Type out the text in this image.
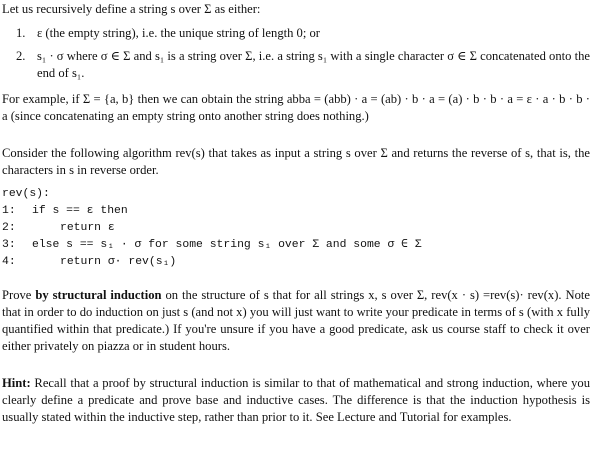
Let us recursively define a string s over Σ as either:

1. ε (the empty string), i.e. the unique string of length 0; or
2. s₁ · σ where σ ∈ Σ and s₁ is a string over Σ, i.e. a string s₁ with a single character σ ∈ Σ concatenated onto the end of s₁.

For example, if Σ = {a, b} then we can obtain the string abba = (abb) · a = (ab) · b · a = (a) · b · b · a = ε · a · b · b · a (since concatenating an empty string onto another string does nothing.)

Consider the following algorithm rev(s) that takes as input a string s over Σ and returns the reverse of s, that is, the characters in s in reverse order.

rev(s):
1: if s == ε then
2:	return ε
3: else s == s₁ · σ for some string s₁ over Σ and some σ ∈ Σ
4:	return σ· rev(s₁)

Prove by structural induction on the structure of s that for all strings x, s over Σ, rev(x · s) =rev(s)· rev(x). Note that in order to do induction on just s (and not x) you will just want to write your predicate in terms of s (with x fully quantified within that predicate.) If you're unsure if you have a good predicate, ask us course staff to check it over either privately on piazza or in student hours.

Hint: Recall that a proof by structural induction is similar to that of mathematical and strong induction, where you clearly define a predicate and prove base and inductive cases. The difference is that the induction hypothesis is usually stated within the inductive step, rather than prior to it. See Lecture and Tutorial for examples.
